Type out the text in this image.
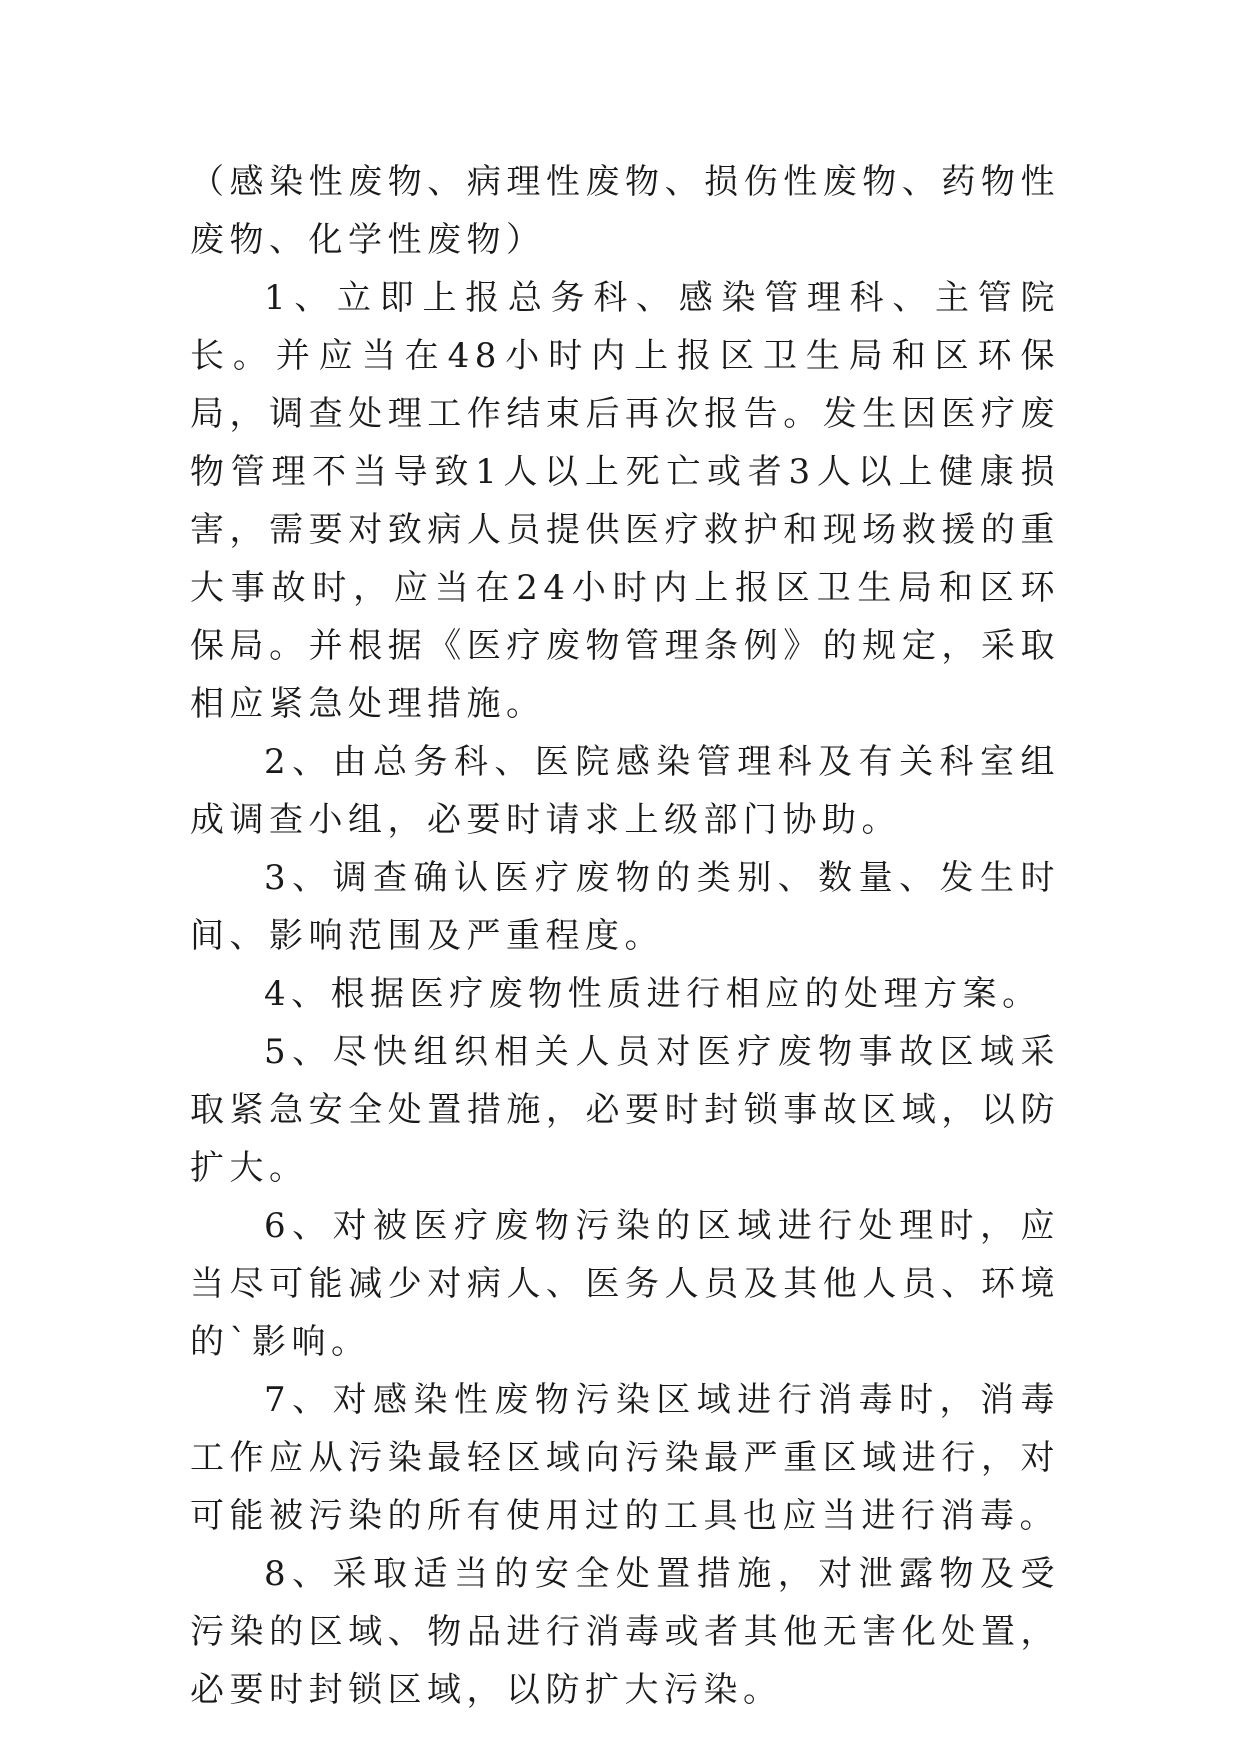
（感染性废物、病理性废物、损伤性废物、药物性废物、化学性废物）

1、立即上报总务科、感染管理科、主管院长。并应当在48小时内上报区卫生局和区环保局，调查处理工作结束后再次报告。发生因医疗废物管理不当导致1人以上死亡或者3人以上健康损害，需要对致病人员提供医疗救护和现场救援的重大事故时，应当在24小时内上报区卫生局和区环保局。并根据《医疗废物管理条例》的规定，采取相应紧急处理措施。

2、由总务科、医院感染管理科及有关科室组成调查小组，必要时请求上级部门协助。

3、调查确认医疗废物的类别、数量、发生时间、影响范围及严重程度。

4、根据医疗废物性质进行相应的处理方案。

5、尽快组织相关人员对医疗废物事故区域采取紧急安全处置措施，必要时封锁事故区域，以防扩大。

6、对被医疗废物污染的区域进行处理时，应当尽可能减少对病人、医务人员及其他人员、环境的`影响。

7、对感染性废物污染区域进行消毒时，消毒工作应从污染最轻区域向污染最严重区域进行，对可能被污染的所有使用过的工具也应当进行消毒。

8、采取适当的安全处置措施，对泄露物及受污染的区域、物品进行消毒或者其他无害化处置，必要时封锁区域，以防扩大污染。
